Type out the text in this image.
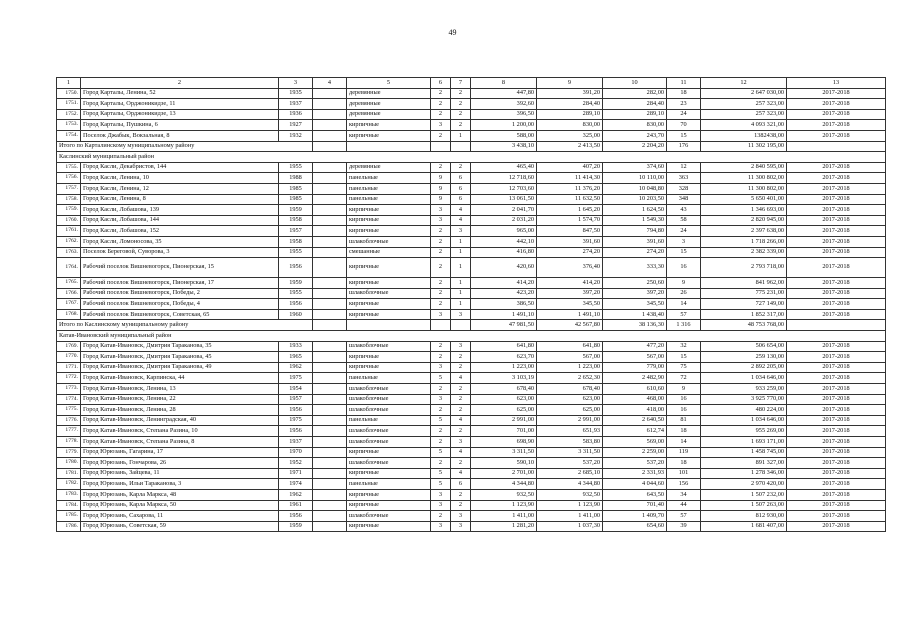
49
1	2	3	4	5	6	7	8	9	10	11	12	13
1750.	Город Карталы, Ленина, 52	1935		деревянные	2	2	447,80	391,20	282,00	18	2 647 030,00	2017-2018
1751.	Город Карталы, Орджоникидзе, 11	1937		деревянные	2	2	392,60	284,40	284,40	23	257 323,00	2017-2018
1752.	Город Карталы, Орджоникидзе, 13	1936		деревянные	2	2	396,50	289,10	289,10	24	257 323,00	2017-2018
1753.	Город Карталы, Пушкина, 6	1927		кирпичные	3	2	1 200,00	830,00	830,00	70	4 093 321,00	2017-2018
1754.	Поселок Джабык, Вокзальная, 8	1932		кирпичные	2	1	588,00	325,00	243,70	15	1382438,00	2017-2018
Итого по Карталинскому муниципальному району							3 438,10	2 413,50	2 204,20	176	11 302 195,00	
Каслинский муниципальный район												
1755.	Город Касли, Декабристов, 144	1955		деревянные	2	2	465,40	407,20	374,60	12	2 840 595,00	2017-2018
1756.	Город Касли, Ленина, 10	1988		панельные	9	6	12 718,60	11 414,30	10 110,00	363	11 300 802,00	2017-2018
1757.	Город Касли, Ленина, 12	1985		панельные	9	6	12 703,60	11 376,20	10 048,80	328	11 300 802,00	2017-2018
1758.	Город Касли, Ленина, 8	1985		панельные	9	6	13 061,50	11 632,50	10 203,50	348	5 650 401,00	2017-2018
1759.	Город Касли, Лобашова, 139	1959		кирпичные	3	4	2 041,70	1 645,20	1 624,50	43	1 346 693,00	2017-2018
1760.	Город Касли, Лобашова, 144	1958		кирпичные	3	4	2 031,20	1 574,70	1 549,30	58	2 820 945,00	2017-2018
1761.	Город Касли, Лобашова, 152	1957		кирпичные	2	3	965,00	847,50	794,80	24	2 397 638,00	2017-2018
1762.	Город Касли, Ломоносова, 35	1958		шлакоблочные	2	1	442,10	391,60	391,60	3	1 718 266,00	2017-2018
1763.	Поселок Береговой, Суворова, 3	1955		смешанные	2	1	416,80	274,20	274,20	15	2 382 339,00	2017-2018
1764.	Рабочий поселок Вишневогорск, Пионерская, 15	1956		кирпичные	2	1	420,60	376,40	333,30	16	2 793 718,00	2017-2018
1765.	Рабочий поселок Вишневогорск, Пионерская, 17	1959		кирпичные	2	1	414,20	414,20	250,60	9	841 962,00	2017-2018
1766.	Рабочий поселок Вишневогорск, Победы, 2	1955		шлакоблочные	2	1	423,20	397,20	397,20	26	775 231,00	2017-2018
1767.	Рабочий поселок Вишневогорск, Победы, 4	1956		кирпичные	2	1	386,50	345,50	345,50	14	727 149,00	2017-2018
1768.	Рабочий поселок Вишневогорск, Советская, 65	1960		кирпичные	3	3	1 491,10	1 491,10	1 438,40	57	1 852 317,00	2017-2018
Итого по Каслинскому муниципальному району							47 981,50	42 567,80	38 136,30	1 316	48 753 768,00	
Катав-Ивановский муниципальный район												
1769.	Город Катав-Ивановск, Дмитрия Тараканова, 35	1933		шлакоблочные	2	3	641,80	641,80	477,20	32	506 654,00	2017-2018
1770.	Город Катав-Ивановск, Дмитрия Тараканова, 45	1965		кирпичные	2	2	623,70	567,00	567,00	15	259 130,00	2017-2018
1771.	Город Катав-Ивановск, Дмитрия Тараканова, 49	1962		кирпичные	3	2	1 223,00	1 223,00	779,00	75	2 892 205,00	2017-2018
1772.	Город Катав-Ивановск, Карпинска, 44	1975		панельные	5	4	3 103,19	2 652,30	2 482,90	72	1 034 646,00	2017-2018
1773.	Город Катав-Ивановск, Ленина, 13	1954		шлакоблочные	2	2	678,40	678,40	610,60	9	933 259,00	2017-2018
1774.	Город Катав-Ивановск, Ленина, 22	1957		шлакоблочные	3	2	623,00	623,00	468,00	16	3 925 770,00	2017-2018
1775.	Город Катав-Ивановск, Ленина, 28	1956		шлакоблочные	2	2	625,00	625,00	418,00	16	480 224,00	2017-2018
1776.	Город Катав-Ивановск, Ленинградская, 40	1975		панельные	5	4	2 991,00	2 991,00	2 640,50	81	1 034 646,00	2017-2018
1777.	Город Катав-Ивановск, Степана Разина, 10	1956		шлакоблочные	2	2	701,00	651,93	612,74	18	955 269,00	2017-2018
1778.	Город Катав-Ивановск, Степана Разина, 8	1937		шлакоблочные	2	3	698,90	583,80	569,00	14	1 693 171,00	2017-2018
1779.	Город Юрюзань, Гагарина, 17	1970		кирпичные	5	4	3 311,50	3 311,50	2 259,00	119	1 458 745,00	2017-2018
1780.	Город Юрюзань, Гончарова, 26	1952		шлакоблочные	2	2	590,10	537,20	537,20	18	891 327,00	2017-2018
1781.	Город Юрюзань, Зайцева, 11	1971		кирпичные	5	4	2 701,00	2 685,10	2 331,93	101	1 278 346,00	2017-2018
1782.	Город Юрюзань, Ильи Тараканова, 3	1974		панельные	5	6	4 344,80	4 344,80	4 044,60	156	2 970 420,00	2017-2018
1783.	Город Юрюзань, Карла Маркса, 48	1962		кирпичные	3	2	932,50	932,50	643,50	34	1 507 232,00	2017-2018
1784.	Город Юрюзань, Карла Маркса, 50	1961		кирпичные	3	2	1 123,90	1 123,90	701,40	44	1 507 263,00	2017-2018
1785.	Город Юрюзань, Сахарова, 11	1956		шлакоблочные	2	3	1 411,00	1 411,00	1 409,70	57	812 930,00	2017-2018
1786.	Город Юрюзань, Советская, 59	1959		кирпичные	3	3	1 281,20	1 037,30	654,60	39	1 681 407,00	2017-2018
